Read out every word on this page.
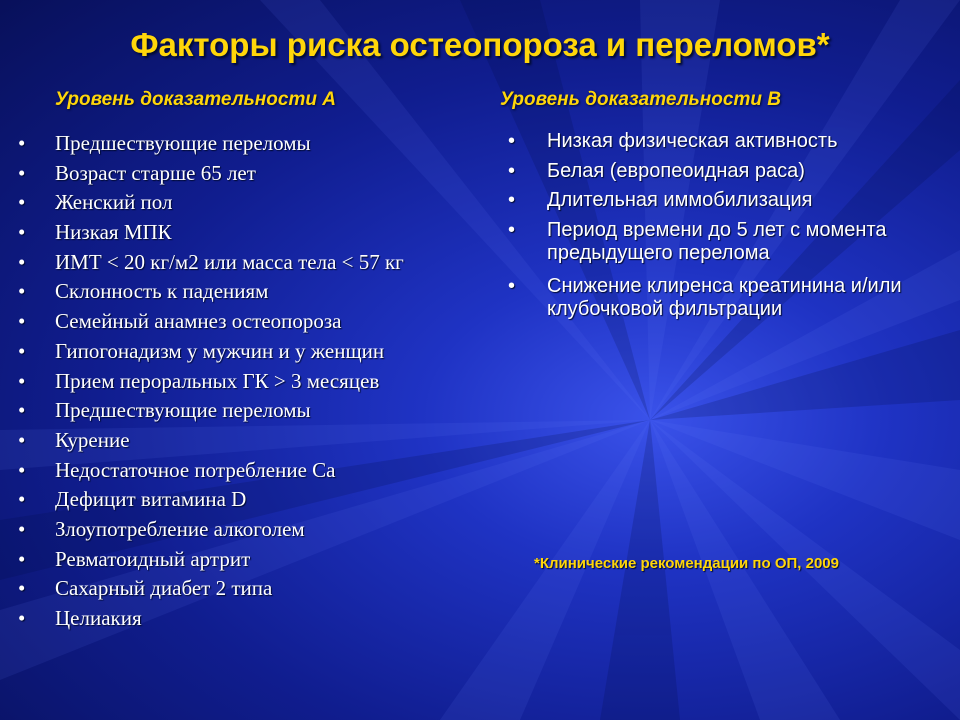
Факторы риска остеопороза и переломов*
Уровень доказательности А	Уровень доказательности В
• Предшествующие переломы
• Возраст старше 65 лет
• Женский пол
• Низкая МПК
• ИМТ < 20 кг/м2 или масса тела < 57 кг
• Склонность к падениям
• Семейный анамнез остеопороза
• Гипогонадизм у мужчин и у женщин
• Прием пероральных ГК > 3 месяцев
• Предшествующие переломы
• Курение
• Недостаточное потребление Са
• Дефицит витамина D
• Злоупотребление алкоголем
• Ревматоидный артрит
• Сахарный диабет 2 типа
• Целиакия
• Низкая физическая активность
• Белая (европеоидная раса)
• Длительная иммобилизация
• Период времени до 5 лет с момента предыдущего перелома
• Снижение клиренса креатинина и/или клубочковой фильтрации
*Клинические рекомендации по ОП, 2009
